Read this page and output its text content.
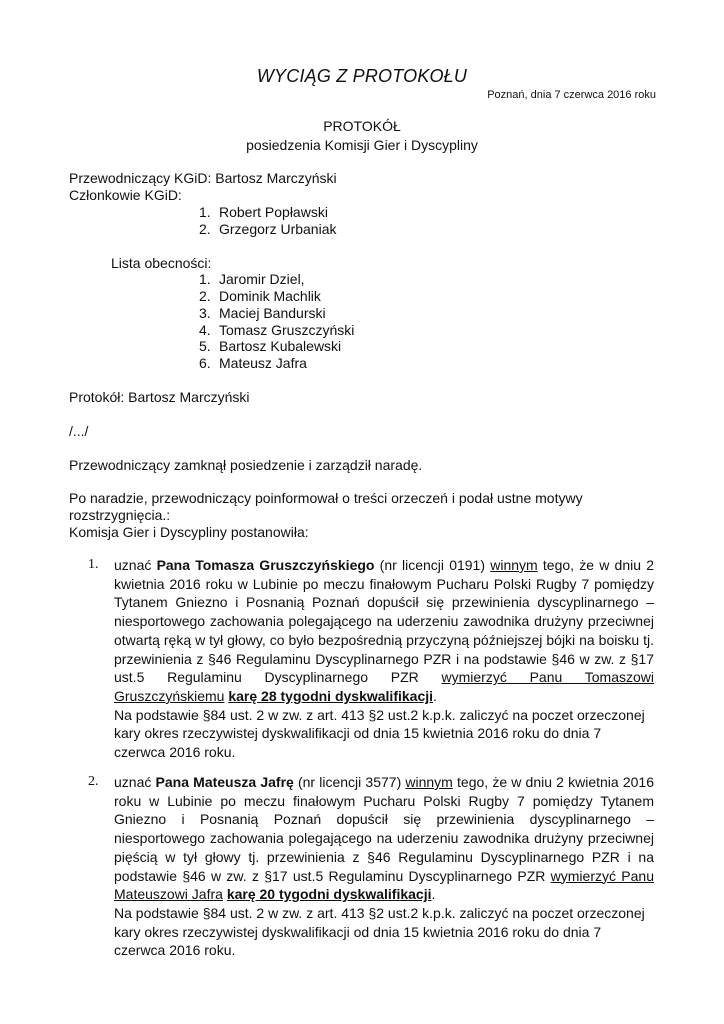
WYCIĄG Z PROTOKOŁU
Poznań, dnia 7 czerwca 2016 roku
PROTOKÓŁ
posiedzenia Komisji Gier i Dyscypliny
Przewodniczący KGiD: Bartosz Marczyński
Członkowie KGiD:
1. Robert Popławski
2. Grzegorz Urbaniak
Lista obecności:
1. Jaromir Dziel,
2. Dominik Machlik
3. Maciej Bandurski
4. Tomasz Gruszczyński
5. Bartosz Kubalewski
6. Mateusz Jafra
Protokół: Bartosz Marczyński
/.../
Przewodniczący zamknął posiedzenie i zarządził naradę.
Po naradzie, przewodniczący poinformował o treści orzeczeń i podał ustne motywy
rozstrzygnięcia.:
Komisja Gier i Dyscypliny postanowiła:
1. uznać Pana Tomasza Gruszczyńskiego (nr licencji 0191) winnym tego, że w dniu 2 kwietnia 2016 roku w Lubinie po meczu finałowym Pucharu Polski Rugby 7 pomiędzy Tytanem Gniezno i Posnanią Poznań dopuścił się przewinienia dyscyplinarnego – niesportowego zachowania polegającego na uderzeniu zawodnika drużyny przeciwnej otwartą ręką w tył głowy, co było bezpośrednią przyczyną późniejszej bójki na boisku tj. przewinienia z §46 Regulaminu Dyscyplinarnego PZR i na podstawie §46 w zw. z §17 ust.5 Regulaminu Dyscyplinarnego PZR wymierzyć Panu Tomaszowi Gruszczyńskiemu karę 28 tygodni dyskwalifikacji.
Na podstawie §84 ust. 2 w zw. z art. 413 §2 ust.2 k.p.k. zaliczyć na poczet orzeczonej kary okres rzeczywistej dyskwalifikacji od dnia 15 kwietnia 2016 roku do dnia 7 czerwca 2016 roku.
2. uznać Pana Mateusza Jafrę (nr licencji 3577) winnym tego, że w dniu 2 kwietnia 2016 roku w Lubinie po meczu finałowym Pucharu Polski Rugby 7 pomiędzy Tytanem Gniezno i Posnanią Poznań dopuścił się przewinienia dyscyplinarnego – niesportowego zachowania polegającego na uderzeniu zawodnika drużyny przeciwnej pięścią w tył głowy tj. przewinienia z §46 Regulaminu Dyscyplinarnego PZR i na podstawie §46 w zw. z §17 ust.5 Regulaminu Dyscyplinarnego PZR wymierzyć Panu Mateuszowi Jafra karę 20 tygodni dyskwalifikacji.
Na podstawie §84 ust. 2 w zw. z art. 413 §2 ust.2 k.p.k. zaliczyć na poczet orzeczonej kary okres rzeczywistej dyskwalifikacji od dnia 15 kwietnia 2016 roku do dnia 7 czerwca 2016 roku.
